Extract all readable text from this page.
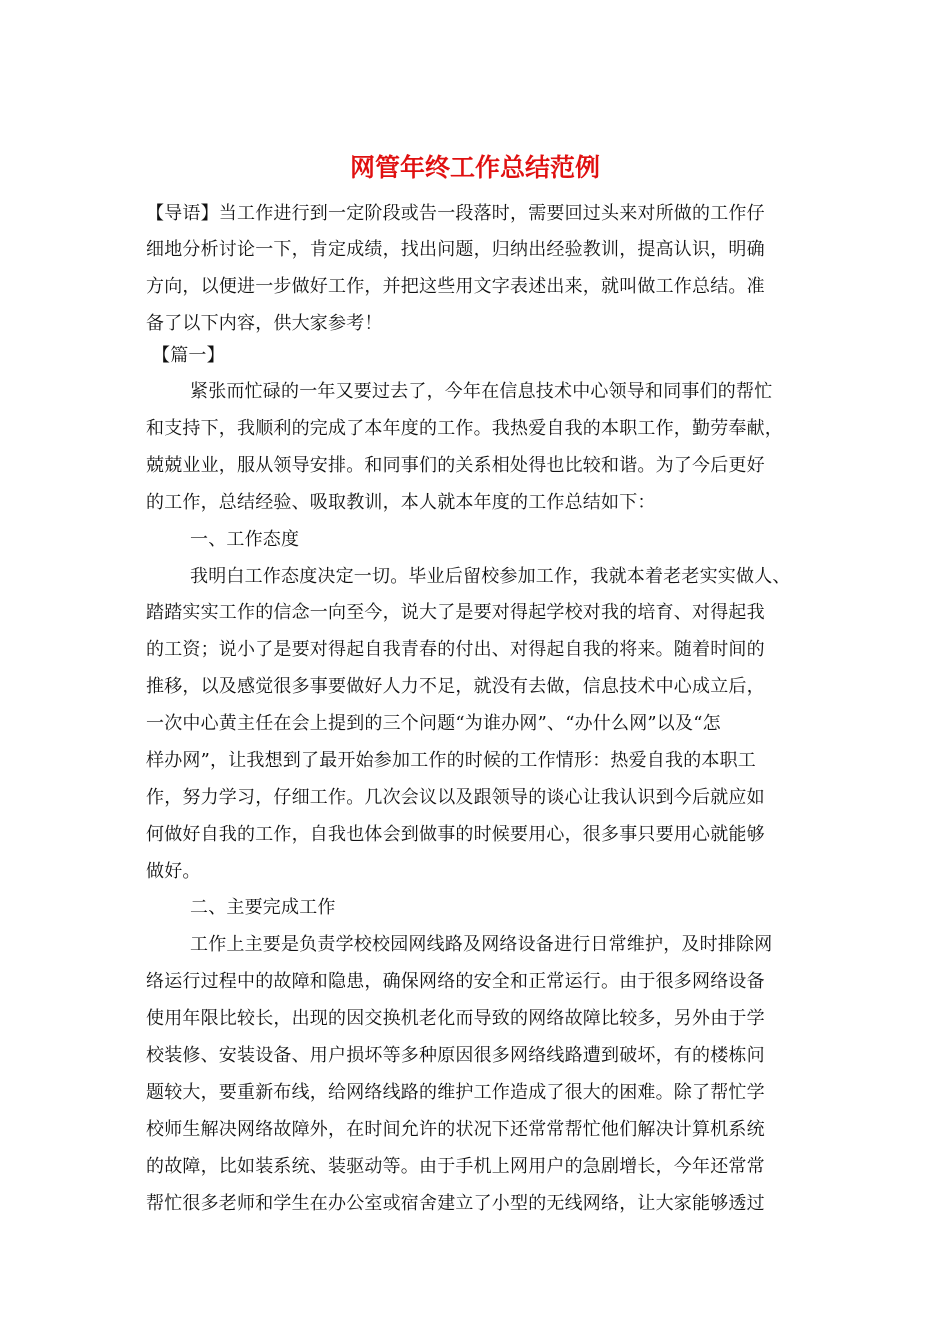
网管年终工作总结范例
【导语】当工作进行到一定阶段或告一段落时，需要回过头来对所做的工作仔
细地分析讨论一下，肯定成绩，找出问题，归纳出经验教训，提高认识，明确
方向，以便进一步做好工作，并把这些用文字表述出来，就叫做工作总结。准
备了以下内容，供大家参考！
【篇一】
紧张而忙碌的一年又要过去了，今年在信息技术中心领导和同事们的帮忙
和支持下，我顺利的完成了本年度的工作。我热爱自我的本职工作，勤劳奉献，
兢兢业业，服从领导安排。和同事们的关系相处得也比较和谐。为了今后更好
的工作，总结经验、吸取教训，本人就本年度的工作总结如下：
一、工作态度
我明白工作态度决定一切。毕业后留校参加工作，我就本着老老实实做人、
踏踏实实工作的信念一向至今，说大了是要对得起学校对我的培育、对得起我
的工资；说小了是要对得起自我青春的付出、对得起自我的将来。随着时间的
推移，以及感觉很多事要做好人力不足，就没有去做，信息技术中心成立后，
一次中心黄主任在会上提到的三个问题“为谁办网”、“办什么网”以及“怎
样办网”，让我想到了最开始参加工作的时候的工作情形：热爱自我的本职工
作，努力学习，仔细工作。几次会议以及跟领导的谈心让我认识到今后就应如
何做好自我的工作，自我也体会到做事的时候要用心，很多事只要用心就能够
做好。
二、主要完成工作
工作上主要是负责学校校园网线路及网络设备进行日常维护，及时排除网
络运行过程中的故障和隐患，确保网络的安全和正常运行。由于很多网络设备
使用年限比较长，出现的因交换机老化而导致的网络故障比较多，另外由于学
校装修、安装设备、用户损坏等多种原因很多网络线路遭到破坏，有的楼栋问
题较大，要重新布线，给网络线路的维护工作造成了很大的困难。除了帮忙学
校师生解决网络故障外，在时间允许的状况下还常常帮忙他们解决计算机系统
的故障，比如装系统、装驱动等。由于手机上网用户的急剧增长，今年还常常
帮忙很多老师和学生在办公室或宿舍建立了小型的无线网络，让大家能够透过
